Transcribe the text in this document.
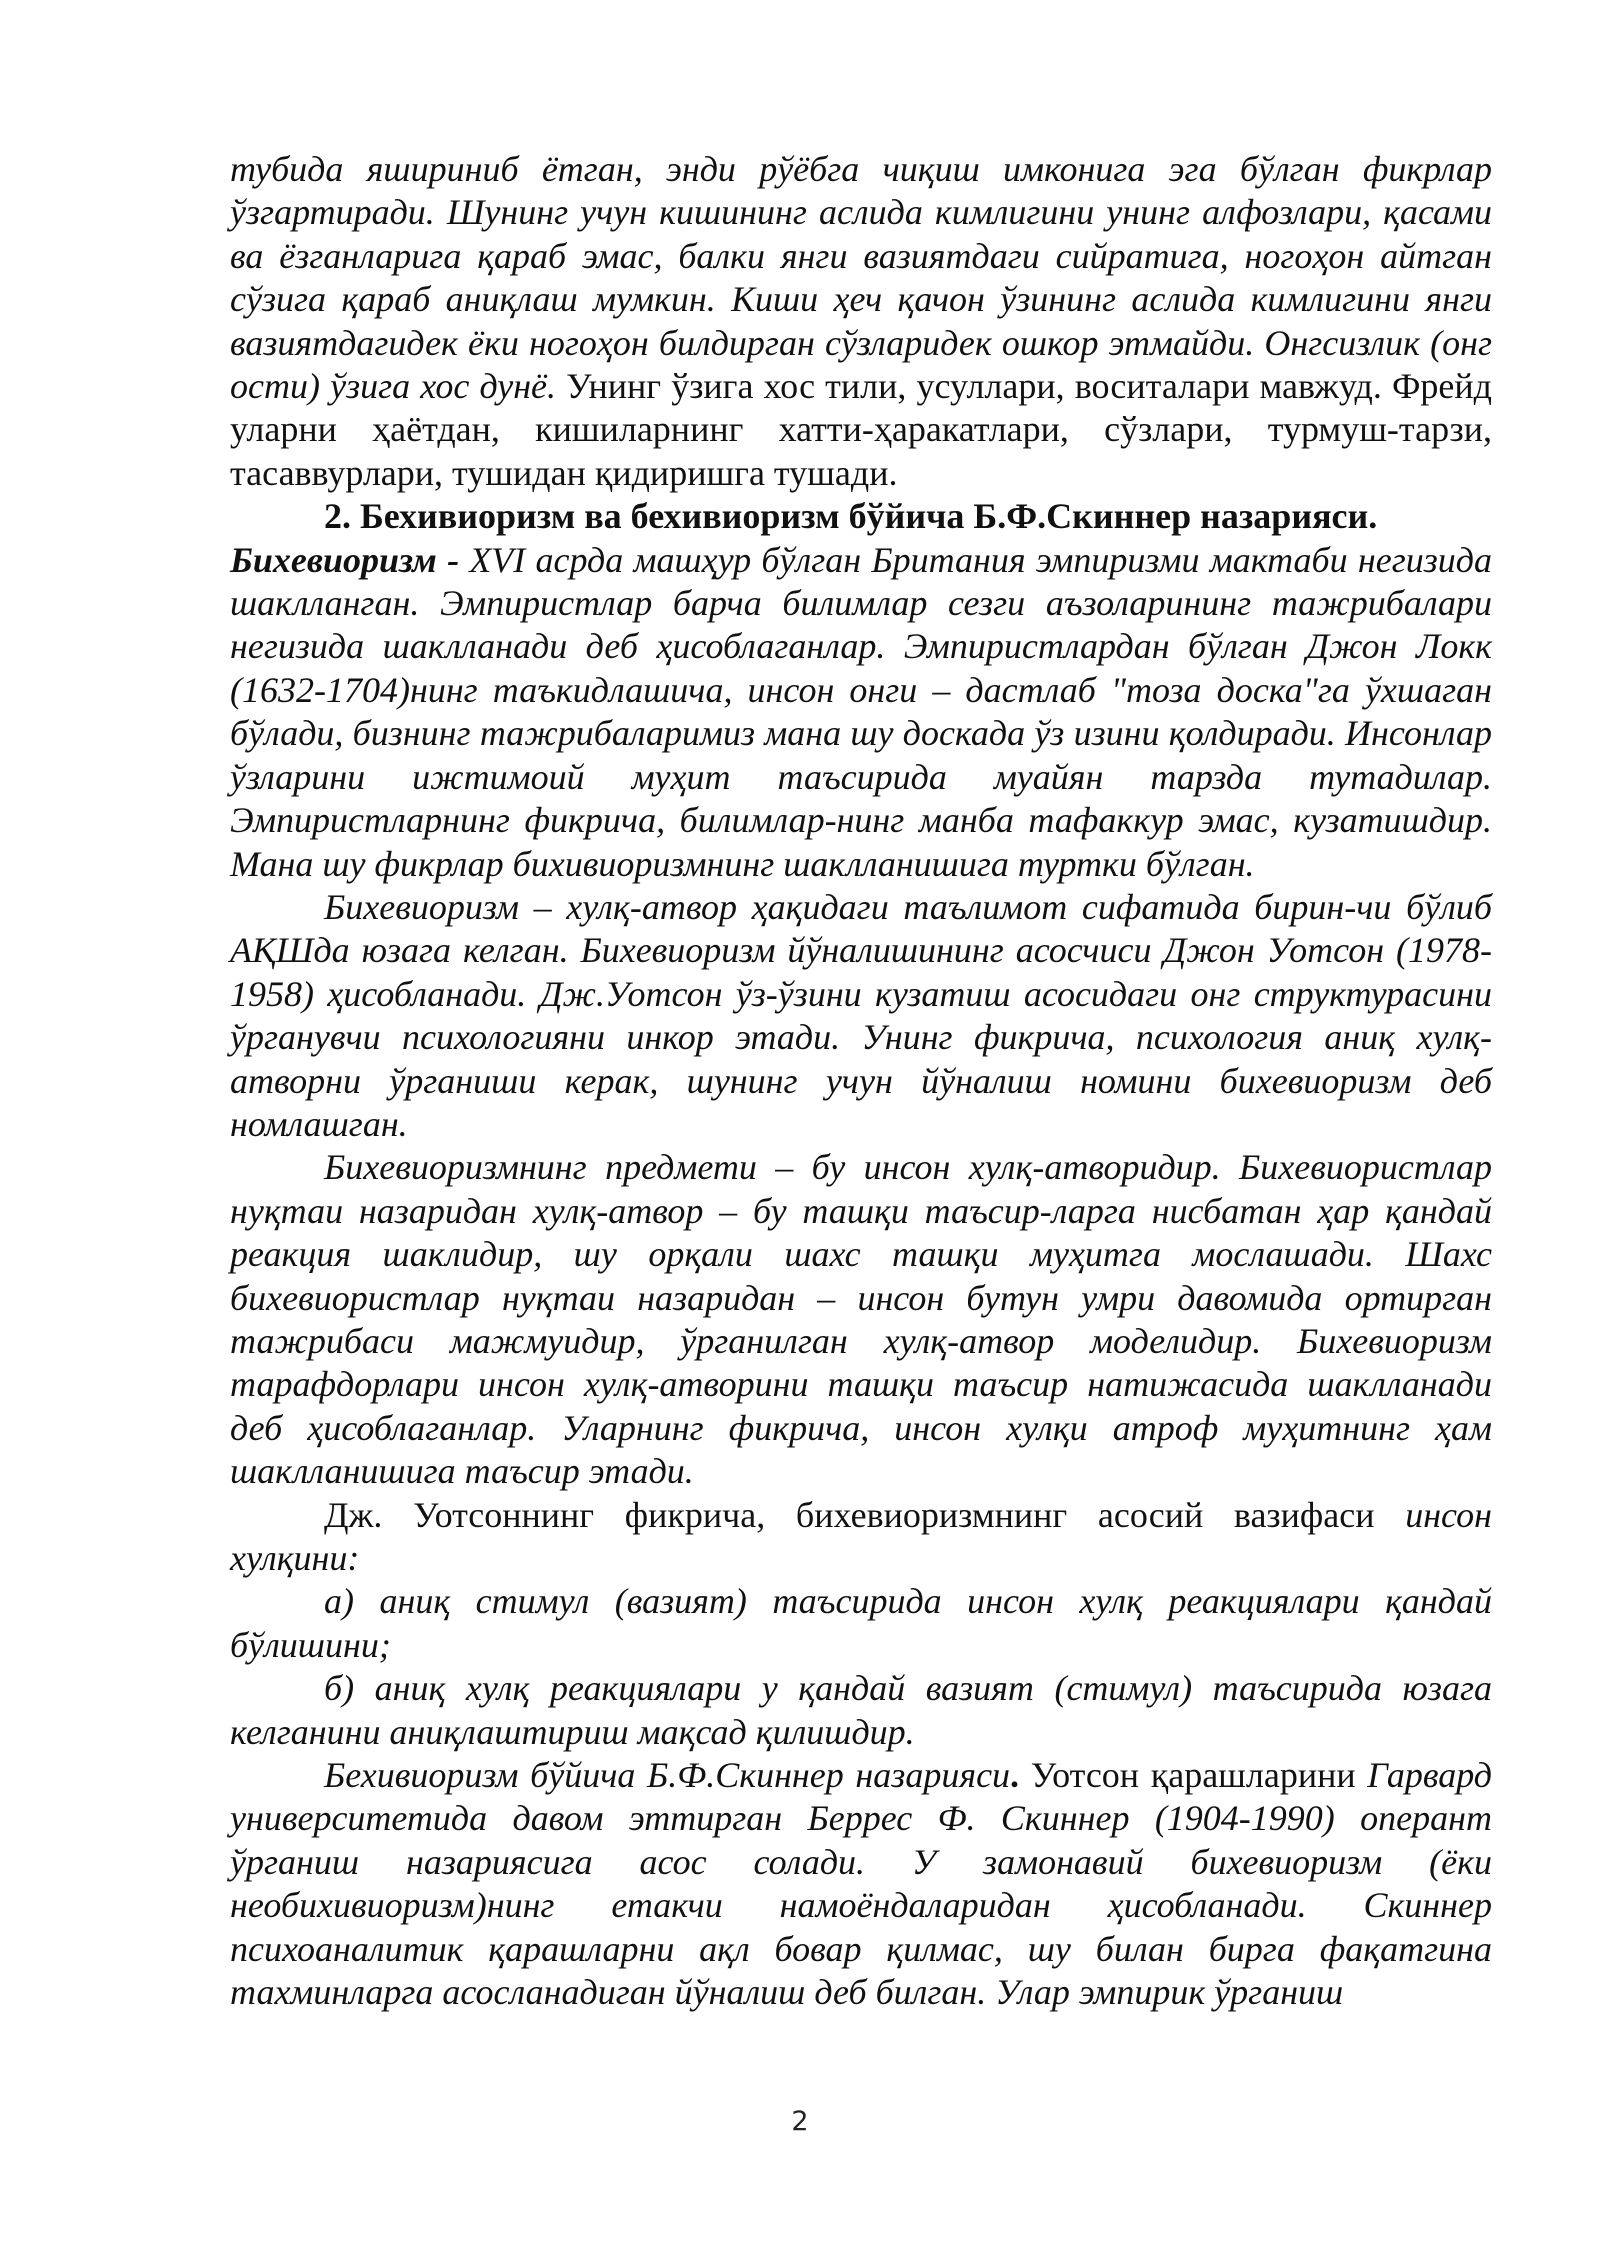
тубида яшириниб ётган, энди рўёбга чиқиш имконига эга бўлган фикрлар ўзгартиради. Шунинг учун кишининг аслида кимлигини унинг алфозлари, қасами ва ёзганларига қараб эмас, балки янги вазиятдаги сийратига, ногоҳон айтган сўзига қараб аниқлаш мумкин. Киши ҳеч қачон ўзининг аслида кимлигини янги вазиятдагидек ёки ногоҳон билдирган сўзларидек ошкор этмайди. Онгсизлик (онг ости) ўзига хос дунё. Унинг ўзига хос тили, усуллари, воситалари мавжуд. Фрейд уларни ҳаётдан, кишиларнинг хатти-ҳаракатлари, сўзлари, турмуш-тарзи, тасаввурлари, тушидан қидиришга тушади.

2. Бехивиоризм ва бехивиоризм бўйича Б.Ф.Скиннер назарияси.

Бихевиоризм - XVI асрда машҳур бўлган Британия эмпиризми мактаби негизида шаклланган. Эмпиристлар барча билимлар сезги аъзоларининг тажрибалари негизида шаклланади деб ҳисоблаганлар. Эмпиристлардан бўлган Джон Локк (1632-1704)нинг таъкидлашича, инсон онги – дастлаб "тоза доска"га ўхшаган бўлади, бизнинг тажрибаларимиз мана шу доскада ўз изини қолдиради. Инсонлар ўзларини ижтимоий муҳит таъсирида муайян тарзда тутадилар. Эмпиристларнинг фикрича, билимлар-нинг манба тафаккур эмас, кузатишдир. Мана шу фикрлар бихивиоризмнинг шаклланишига туртки бўлган.

Бихевиоризм – хулқ-атвор ҳақидаги таълимот сифатида бирин-чи бўлиб АҚШда юзага келган. Бихевиоризм йўналишининг асосчиси Джон Уотсон (1978-1958) ҳисобланади. Дж.Уотсон ўз-ўзини кузатиш асосидаги онг структурасини ўрганувчи психологияни инкор этади. Унинг фикрича, психология аниқ хулқ-атворни ўрганиши керак, шунинг учун йўналиш номини бихевиоризм деб номлашган.

Бихевиоризмнинг предмети – бу инсон хулқ-атворидир. Бихевиористлар нуқтаи назаридан хулқ-атвор – бу ташқи таъсир-ларга нисбатан ҳар қандай реакция шаклидир, шу орқали шахс ташқи муҳитга мослашади. Шахс бихевиористлар нуқтаи назаридан – инсон бутун умри давомида ортирган тажрибаси мажмуидир, ўрганилган хулқ-атвор моделидир. Бихевиоризм тарафдорлари инсон хулқ-атворини ташқи таъсир натижасида шаклланади деб ҳисоблаганлар. Уларнинг фикрича, инсон хулқи атроф муҳитнинг ҳам шаклланишига таъсир этади.

Дж. Уотсоннинг фикрича, бихевиоризмнинг асосий вазифаси инсон хулқини:

а) аниқ стимул (вазият) таъсирида инсон хулқ реакциялари қандай бўлишини;

б) аниқ хулқ реакциялари у қандай вазият (стимул) таъсирида юзага келганини аниқлаштириш мақсад қилишдир.

Бехивиоризм бўйича Б.Ф.Скиннер назарияси. Уотсон қарашларини Гарвард университетида давом эттирган Беррес Ф. Скиннер (1904-1990) оперант ўрганиш назариясига асос солади. У замонавий бихевиоризм (ёки необихивиоризм)нинг етакчи намоёндаларидан ҳисобланади. Скиннер психоаналитик қарашларни ақл бовар қилмас, шу билан бирга фақатгина тахминларга асосланадиган йўналиш деб билган. Улар эмпирик ўрганиш

2
